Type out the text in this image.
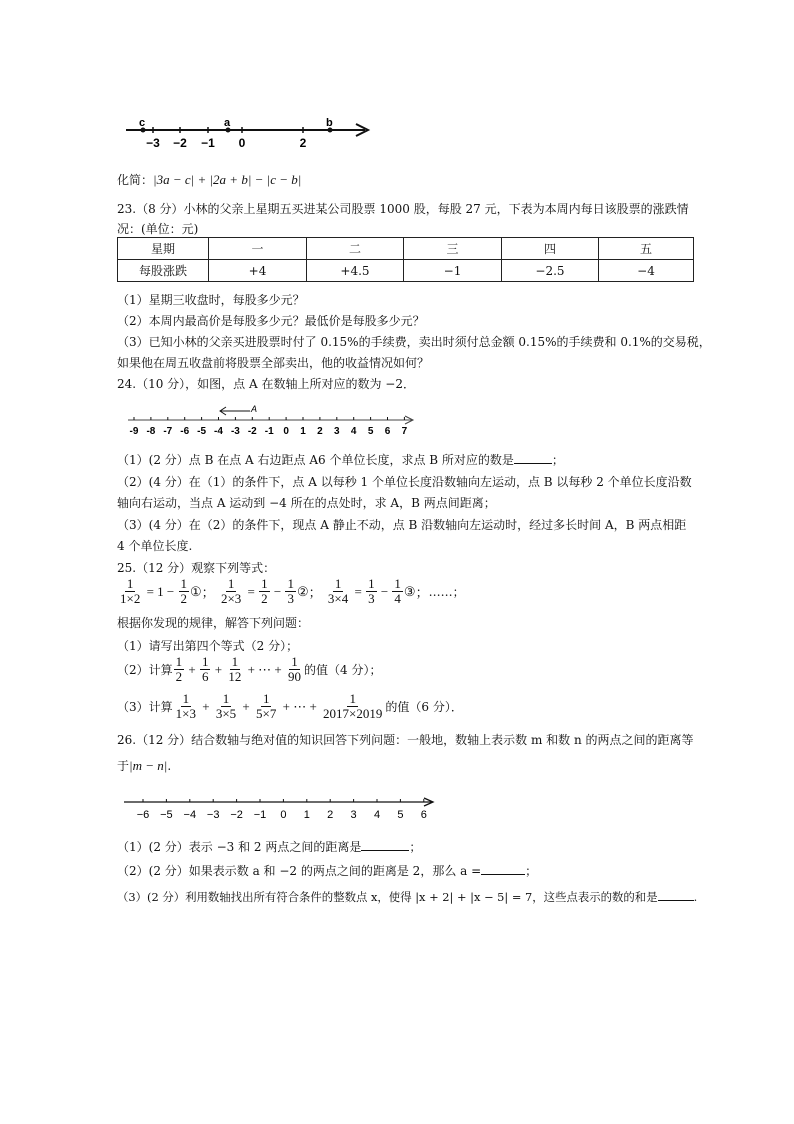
−3 −2 −1 0	2
c	a	b
化简：|3a − c| + |2a + b| − |c − b|
23.（8 分）小林的父亲上星期五买进某公司股票 1000 股，每股 27 元，下表为本周内每日该股票的涨跌情
况：(单位：元)
星期	一	二	三	四	五
每股涨跌	+4	+4.5	−1	−2.5	−4
（1）星期三收盘时，每股多少元？
（2）本周内最高价是每股多少元？最低价是每股多少元？
（3）已知小林的父亲买进股票时付了 0.15%的手续费，卖出时须付总金额 0.15%的手续费和 0.1%的交易税，
如果他在周五收盘前将股票全部卖出，他的收益情况如何？
24.（10 分），如图，点 A 在数轴上所对应的数为 −2．
A
-9 -8 -7 -6 -5 -4 -3 -2 -1 0 1 2 3 4 5 6 7
（1）(2 分）点 B 在点 A 右边距点 A6 个单位长度，求点 B 所对应的数是	；
（2）(4 分）在（1）的条件下，点 A 以每秒 1 个单位长度沿数轴向左运动，点 B 以每秒 2 个单位长度沿数
轴向右运动，当点 A 运动到 −4 所在的点处时，求 A，B 两点间距离；
（3）(4 分）在（2）的条件下，现点 A 静止不动，点 B 沿数轴向左运动时，经过多长时间 A，B 两点相距
4 个单位长度.
25.（12 分）观察下列等式：
$\frac{1}{1\times 2} = 1 - \frac{1}{2}$ ① ； $\frac{1}{2\times 3} = \frac{1}{2} - \frac{1}{3}$ ② ； $\frac{1}{3\times 4} = \frac{1}{3} - \frac{1}{4}$ ③ ； ……；
根据你发现的规律，解答下列问题：
（1）请写出第四个等式（2 分）；
（2）计算 $\frac{1}{2} + \frac{1}{6} + \frac{1}{12}$ + ⋯ + $\frac{1}{90}$ 的值（4 分）；
（3）计算 $\frac{1}{1\times 3} + \frac{1}{3\times 5} + \frac{1}{5\times 7}$ + ⋯ + $\frac{1}{2017\times 2019}$ 的值（6 分）．
26.（12 分）结合数轴与绝对值的知识回答下列问题：一般地，数轴上表示数 m 和数 n 的两点之间的距离等
于|m − n|.
−6 −5 −4 −3 −2 −1 0 1 2 3 4 5 6
（1）(2 分）表示 −3 和 2 两点之间的距离是	；
（2）(2 分）如果表示数 a 和 −2 的两点之间的距离是 2，那么 a =	；
（3）(2 分）利用数轴找出所有符合条件的整数点 x，使得 |x + 2| + |x − 5| = 7，这些点表示的数的和是	.
